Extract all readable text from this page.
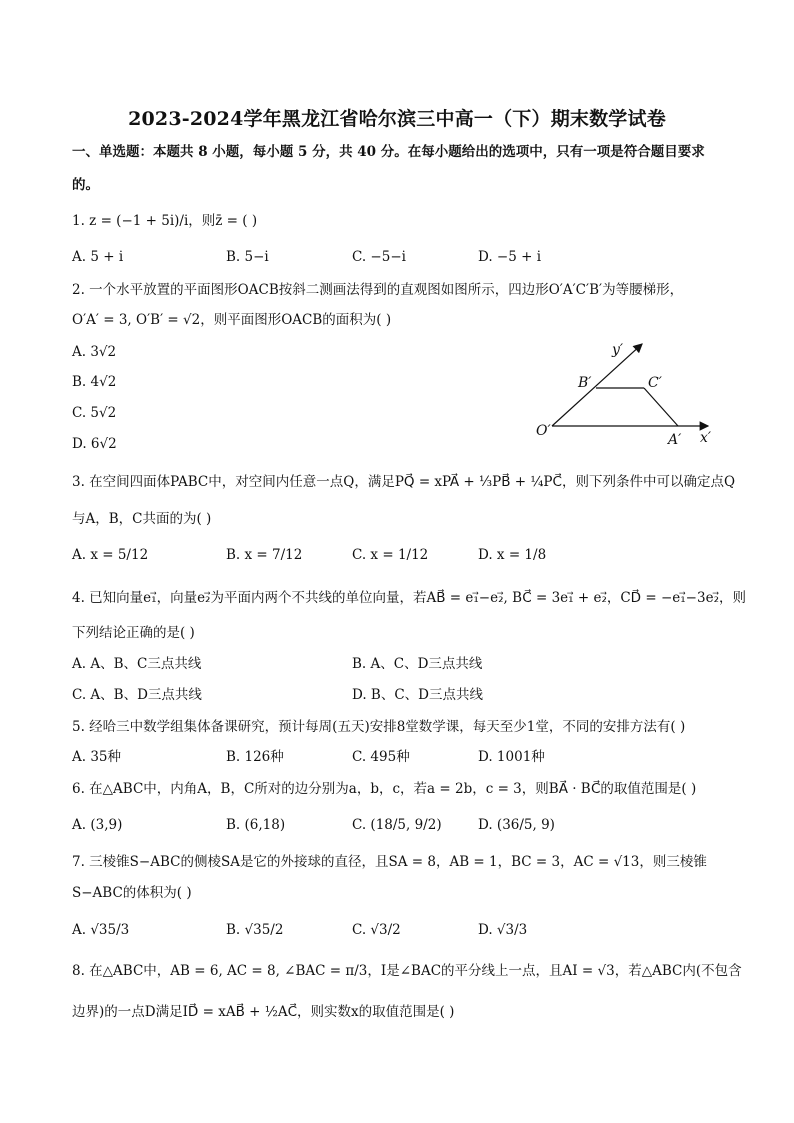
2023-2024学年黑龙江省哈尔滨三中高一（下）期末数学试卷
一、单选题：本题共 8 小题，每小题 5 分，共 40 分。在每小题给出的选项中，只有一项是符合题目要求
的。
1. z = (−1 + 5i)/i，则z̄ = ( )
A. 5 + i	B. 5−i	C. −5−i	D. −5 + i
2. 一个水平放置的平面图形OACB按斜二测画法得到的直观图如图所示，四边形O′A′C′B′为等腰梯形，
O′A′ = 3, O′B′ = √2，则平面图形OACB的面积为( )
A. 3√2
B. 4√2
C. 5√2
D. 6√2
O′
A′
B′	C′
x′
y′
3. 在空间四面体PABC中，对空间内任意一点Q，满足PQ⃗ = xPA⃗ + ⅓PB⃗ + ¼PC⃗，则下列条件中可以确定点Q
与A，B，C共面的为( )
A. x = 5/12	B. x = 7/12	C. x = 1/12	D. x = 1/8
4. 已知向量e₁⃗，向量e₂⃗为平面内两个不共线的单位向量，若AB⃗ = e₁⃗−e₂⃗, BC⃗ = 3e₁⃗ + e₂⃗，CD⃗ = −e₁⃗−3e₂⃗，则
下列结论正确的是( )
A. A、B、C三点共线	B. A、C、D三点共线
C. A、B、D三点共线	D. B、C、D三点共线
5. 经哈三中数学组集体备课研究，预计每周(五天)安排8堂数学课，每天至少1堂，不同的安排方法有( )
A. 35种	B. 126种	C. 495种	D. 1001种
6. 在△ABC中，内角A，B，C所对的边分别为a，b，c，若a = 2b，c = 3，则BA⃗ · BC⃗的取值范围是( )
A. (3,9)	B. (6,18)	C. (18/5, 9/2)	D. (36/5, 9)
7. 三棱锥S−ABC的侧棱SA是它的外接球的直径，且SA = 8，AB = 1，BC = 3，AC = √13，则三棱锥
S−ABC的体积为( )
A. √35/3	B. √35/2	C. √3/2	D. √3/3
8. 在△ABC中，AB = 6, AC = 8, ∠BAC = π/3，I是∠BAC的平分线上一点，且AI = √3，若△ABC内(不包含
边界)的一点D满足ID⃗ = xAB⃗ + ½AC⃗，则实数x的取值范围是( )
